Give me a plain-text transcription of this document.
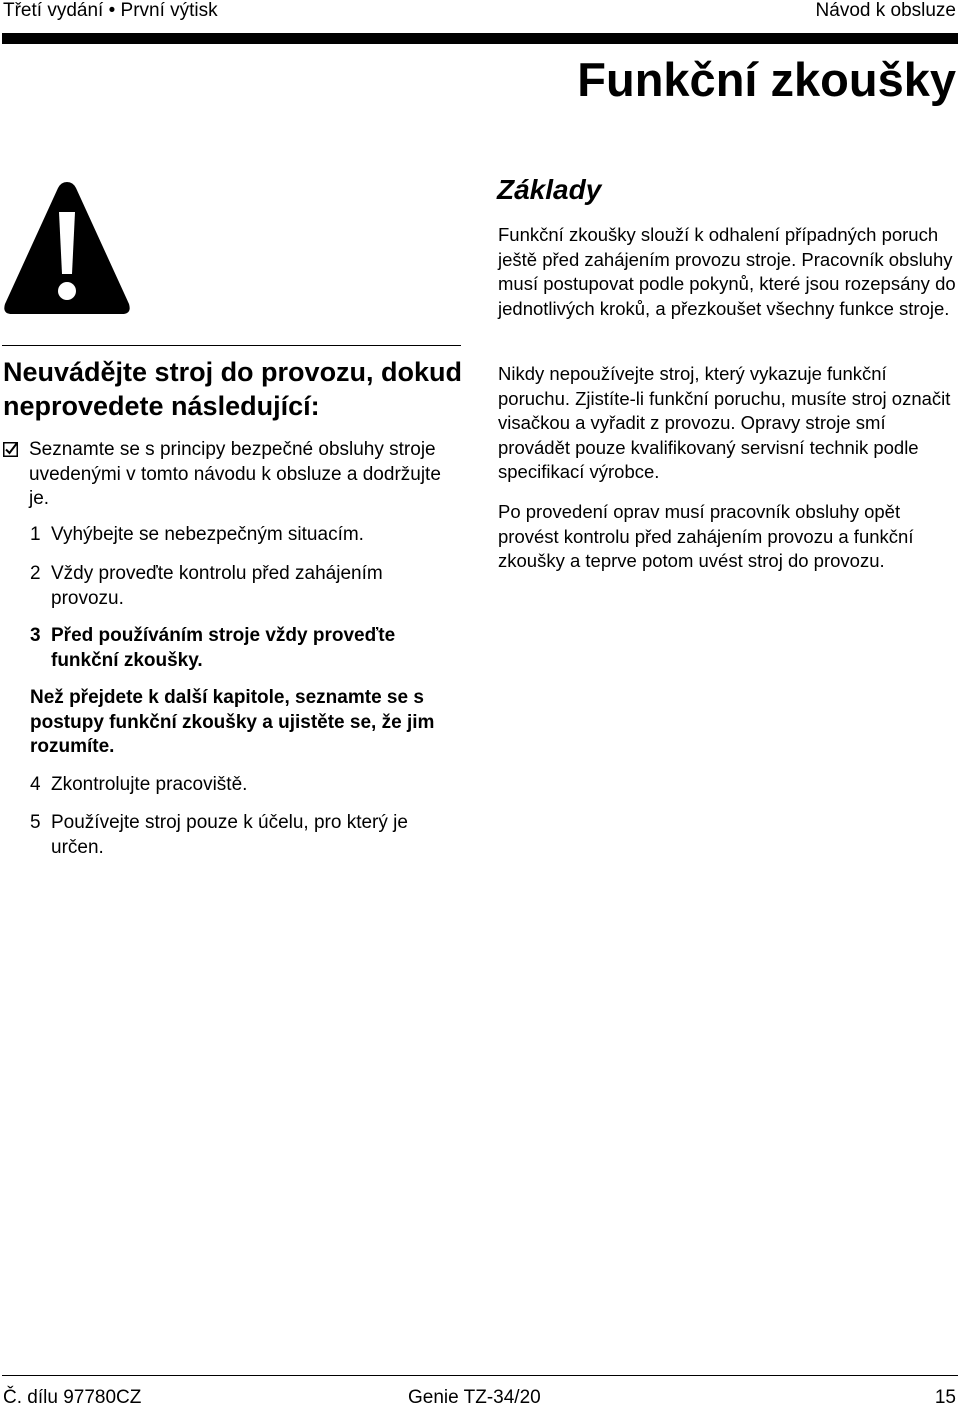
Třetí vydání • První výtisk	Návod k obsluze
Funkční zkoušky
Neuvádějte stroj do provozu, dokud neprovedete následující:
Seznamte se s principy bezpečné obsluhy stroje uvedenými v tomto návodu k obsluze a dodržujte je.
1 Vyhýbejte se nebezpečným situacím.
2 Vždy proveďte kontrolu před zahájením provozu.
3 Před používáním stroje vždy proveďte funkční zkoušky.
Než přejdete k další kapitole, seznamte se s postupy funkční zkoušky a ujistěte se, že jim rozumíte.
4 Zkontrolujte pracoviště.
5 Používejte stroj pouze k účelu, pro který je určen.
Základy
Funkční zkoušky slouží k odhalení případných poruch ještě před zahájením provozu stroje. Pracovník obsluhy musí postupovat podle pokynů, které jsou rozepsány do jednotlivých kroků, a přezkoušet všechny funkce stroje.
Nikdy nepoužívejte stroj, který vykazuje funkční poruchu. Zjistíte-li funkční poruchu, musíte stroj označit visačkou a vyřadit z provozu. Opravy stroje smí provádět pouze kvalifikovaný servisní technik podle specifikací výrobce.
Po provedení oprav musí pracovník obsluhy opět provést kontrolu před zahájením provozu a funkční zkoušky a teprve potom uvést stroj do provozu.
Č. dílu 97780CZ	Genie TZ-34/20	15
